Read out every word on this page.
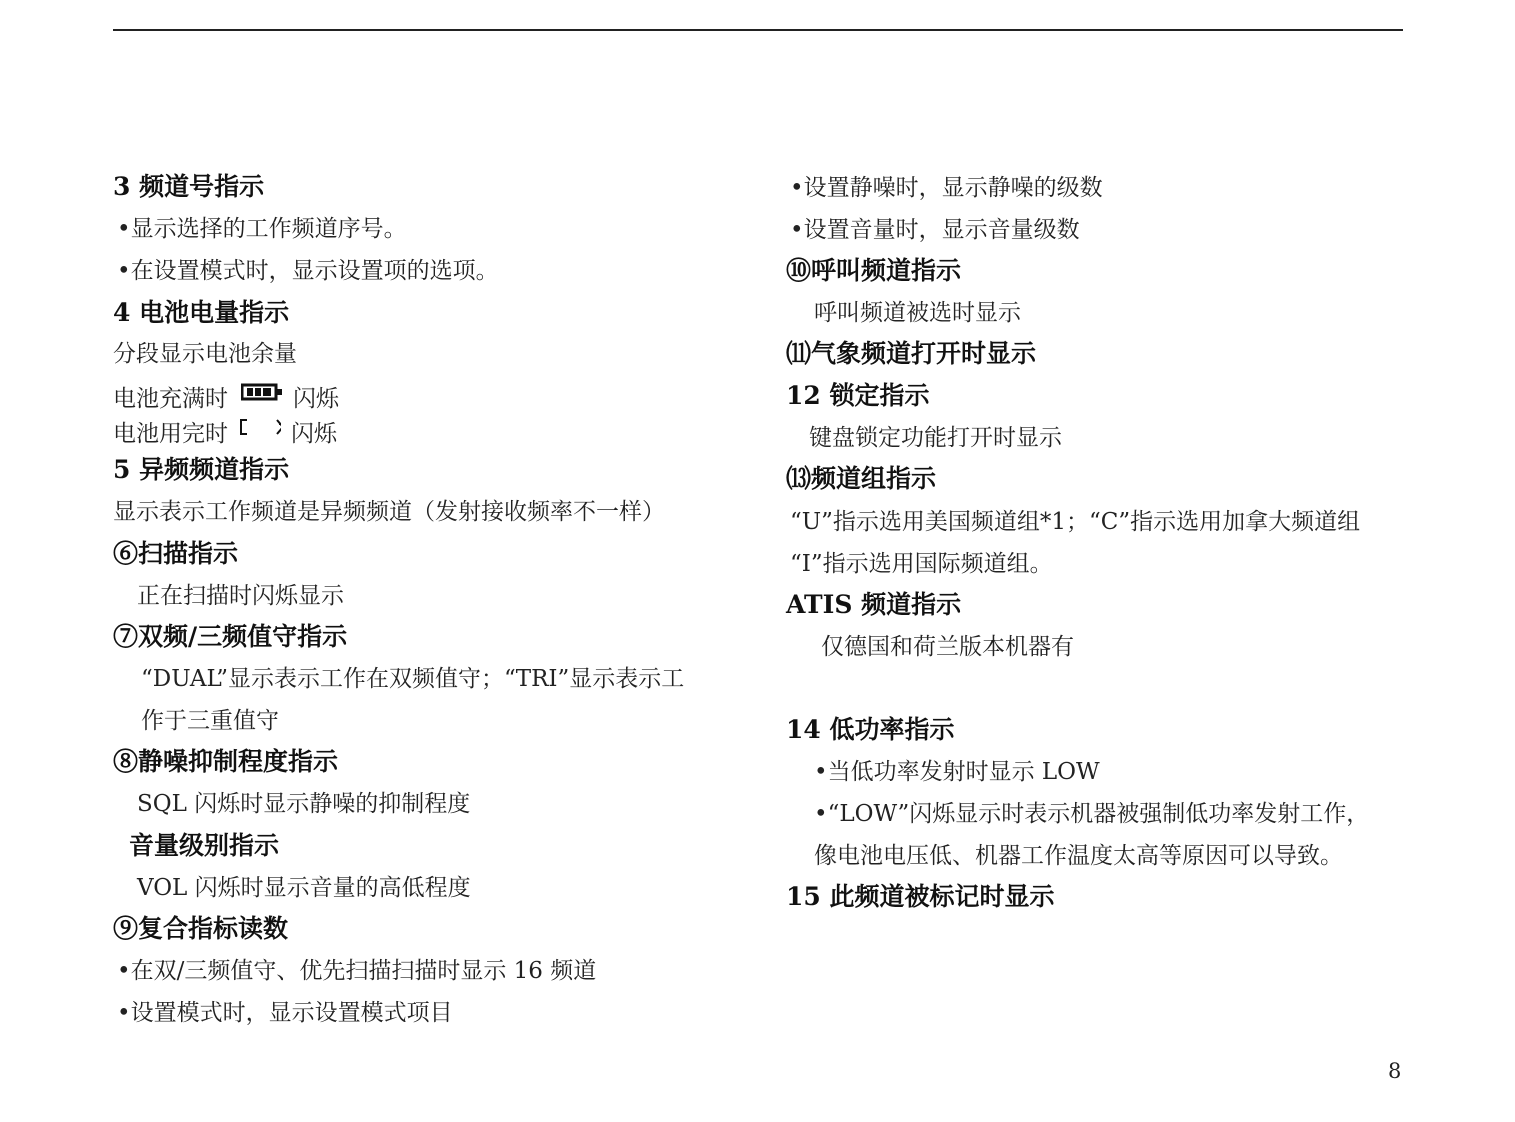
3 频道号指示
•显示选择的工作频道序号。
•在设置模式时，显示设置项的选项。
4 电池电量指示
分段显示电池余量
电池充满时	闪烁
电池用完时	闪烁
5 异频频道指示
显示表示工作频道是异频频道（发射接收频率不一样）
⑥扫描指示
正在扫描时闪烁显示
⑦双频/三频值守指示
“DUAL”显示表示工作在双频值守；“TRI”显示表示工
作于三重值守
⑧静噪抑制程度指示
SQL 闪烁时显示静噪的抑制程度
音量级别指示
VOL 闪烁时显示音量的高低程度
⑨复合指标读数
•在双/三频值守、优先扫描扫描时显示 16 频道
•设置模式时，显示设置模式项目
•设置静噪时，显示静噪的级数
•设置音量时，显示音量级数
⑩呼叫频道指示
呼叫频道被选时显示
⑾气象频道打开时显示
12 锁定指示
键盘锁定功能打开时显示
⒀频道组指示
“U”指示选用美国频道组*1；“C”指示选用加拿大频道组
“I”指示选用国际频道组。
ATIS 频道指示
仅德国和荷兰版本机器有
14 低功率指示
•当低功率发射时显示 LOW
•“LOW”闪烁显示时表示机器被强制低功率发射工作，
像电池电压低、机器工作温度太高等原因可以导致。
15 此频道被标记时显示
8
